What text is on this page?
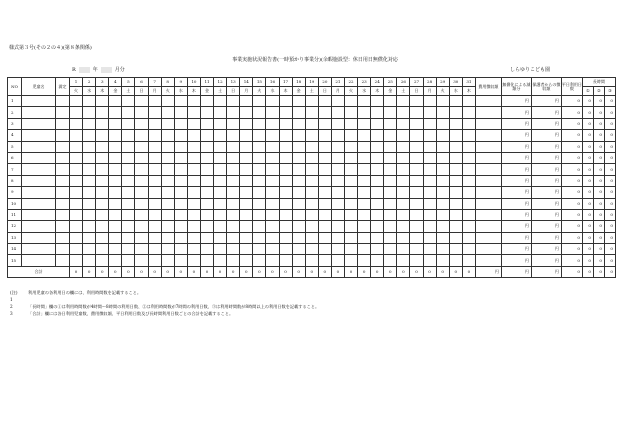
様式第３号(その２の４)(第８条関係)
事業実施状況報告書(一時預かり事業分)(余暇施設型：休日用日無償化対応
R	年	月分	しらゆりこども園
NO	児童名	満定	1	2	3	4	5	6	7	8	9	10	11	12	13	14	15	16	17	18	19	20	21	22	23	24	25	26	27	28	29	30	31	費用徴収額	無償化による減額分	保護者からの徴収額	平日利用日数	長時間		
			火	水	木	金	土	日	月	火	水	木	金	土	日	月	火	水	木	金	土	日	月	火	水	木	金	土	日	月	火	水	木					①	②	③
1																																			円	円	0	0	0	0
2																																			円	円	0	0	0	0
3																																			円	円	0	0	0	0
4																																			円	円	0	0	0	0
5																																			円	円	0	0	0	0
6																																			円	円	0	0	0	0
7																																			円	円	0	0	0	0
8																																			円	円	0	0	0	0
9																																			円	円	0	0	0	0
10																																			円	円	0	0	0	0
11																																			円	円	0	0	0	0
12																																			円	円	0	0	0	0
13																																			円	円	0	0	0	0
14																																			円	円	0	0	0	0
15																																			円	円	0	0	0	0
合計			0	0	0	0	0	0	0	0	0	0	0	0	0	0	0	0	0	0	0	0	0	0	0	0	0	0	0	0	0	0	0	円	円	円	0	0	0	0
(注)　1
利用児童の各利用日の欄には、利用時間数を記載すること。
2	「長時間」欄の①は利用時間数が4時間～8時間の利用日数、②は利用時間数が7時間の利用日数、③は利用時間数が8時間以上の利用日数を記載すること。
3	「合計」欄には各日利用児童数、費用徴収額、平日利用日数及び長時間利用日数ごとの合計を記載すること。
